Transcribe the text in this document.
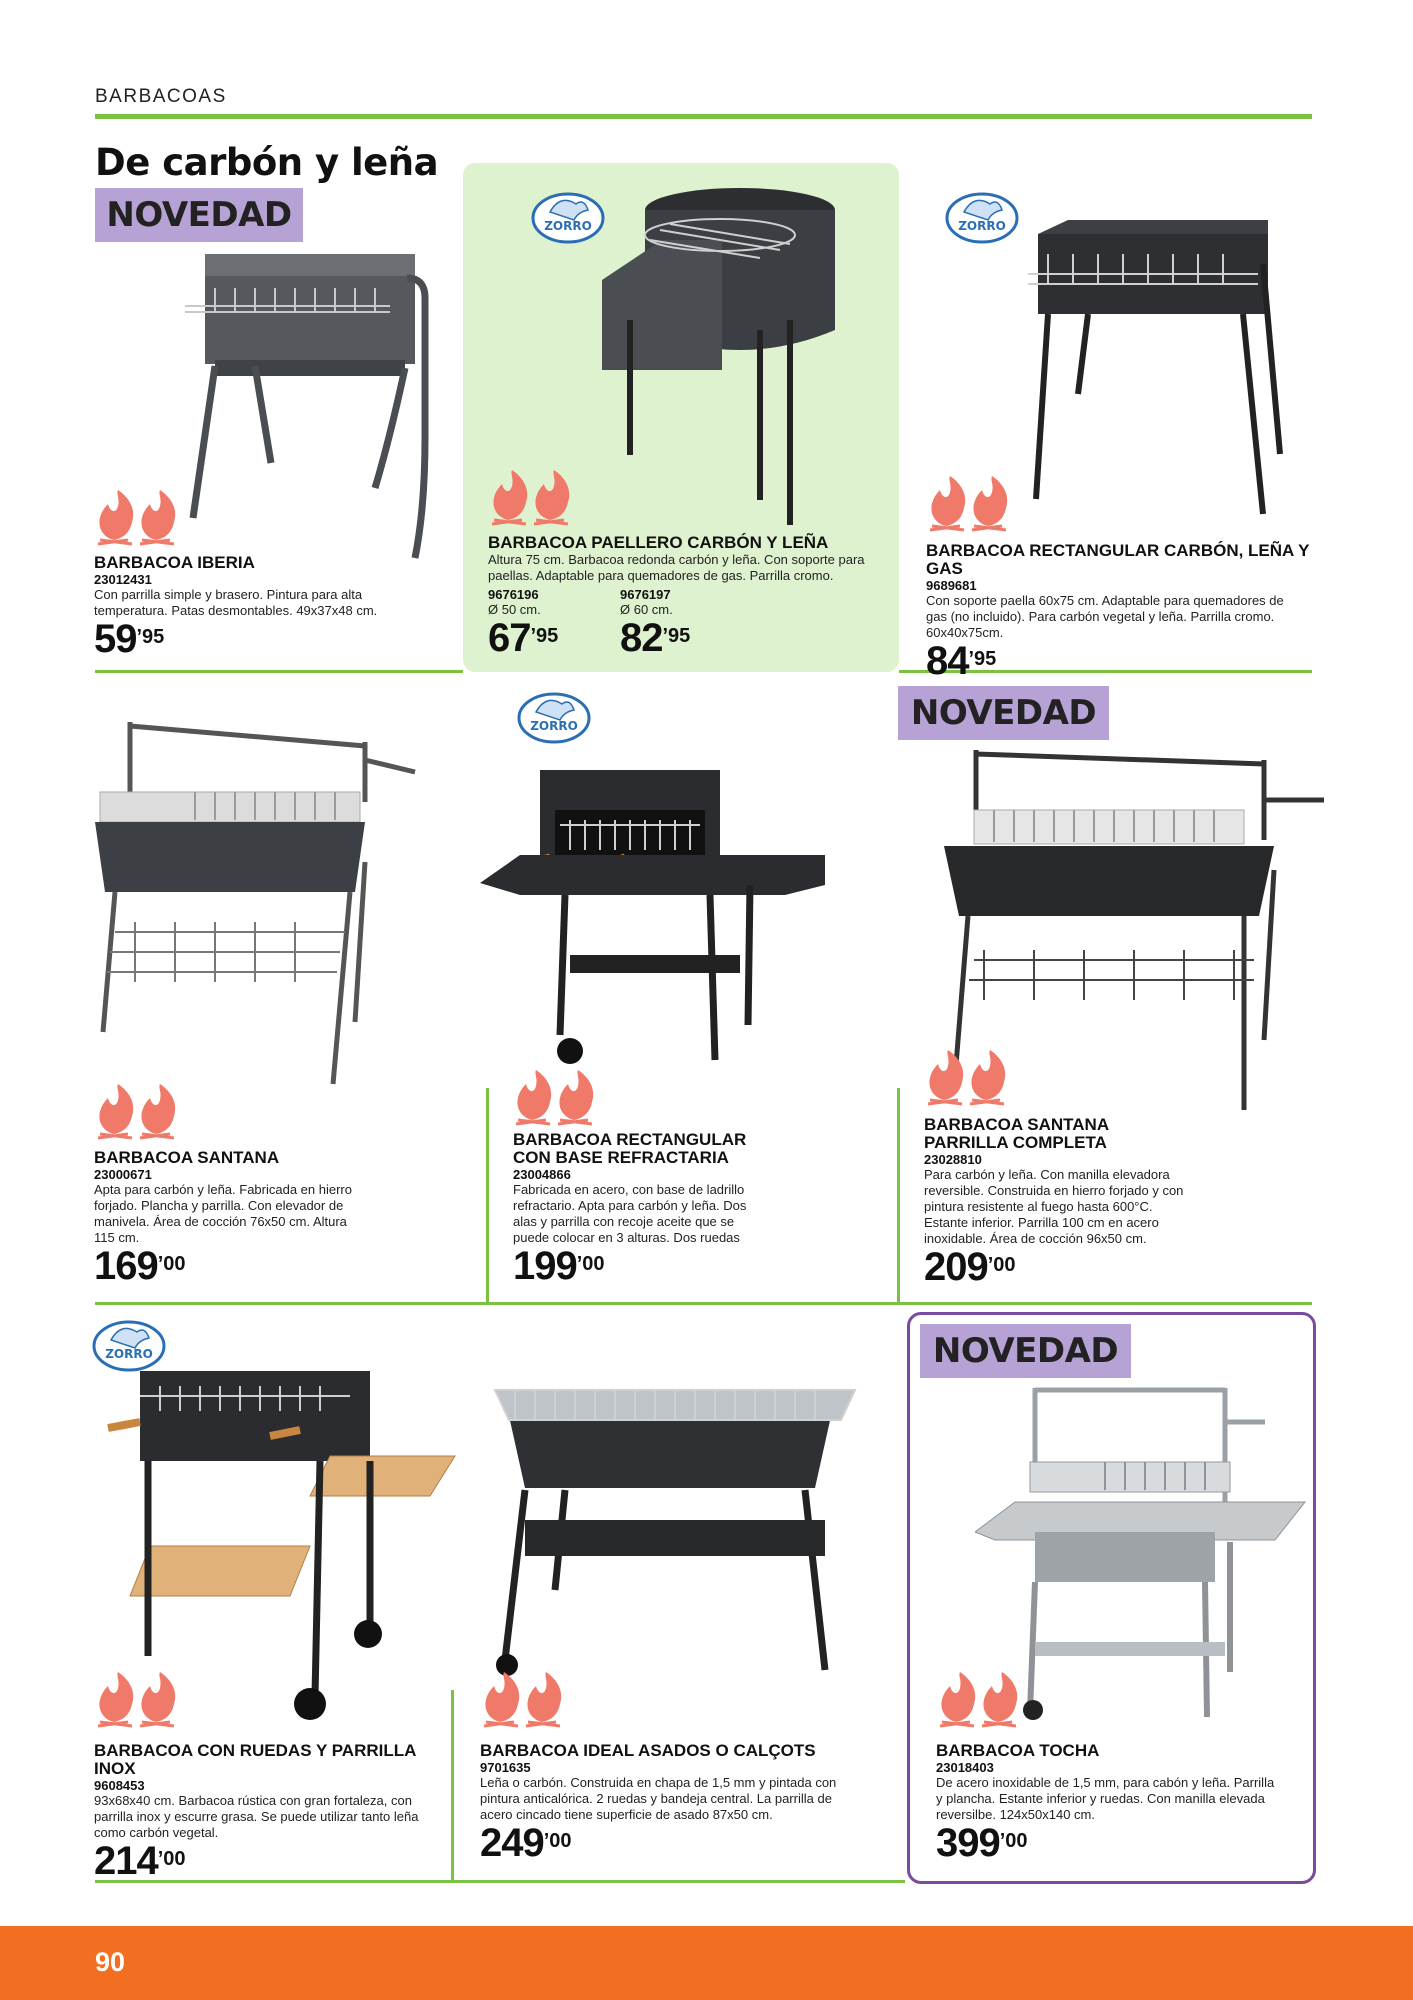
BARBACOAS
De carbón y leña
NOVEDAD
NOVEDAD
NOVEDAD
ZORRO	ZORRO
ZORRO
ZORRO
BARBACOA IBERIA
23012431
Con parrilla simple y brasero. Pintura para alta temperatura. Patas desmontables. 49x37x48 cm.
$59^{’95}$
BARBACOA PAELLERO CARBÓN Y LEÑA
Altura 75 cm. Barbacoa redonda carbón y leña. Con soporte para paellas. Adaptable para quemadores de gas. Parrilla cromo.
9676196
Ø 50 cm.
$67^{’95}$
9676197
Ø 60 cm.
$82^{’95}$
BARBACOA RECTANGULAR CARBÓN, LEÑA Y GAS
9689681
Con soporte paella 60x75 cm. Adaptable para quemadores de gas (no incluido). Para carbón vegetal y leña. Parrilla cromo. 60x40x75cm.
$84^{’95}$
BARBACOA SANTANA
23000671
Apta para carbón y leña. Fabricada en hierro forjado. Plancha y parrilla. Con elevador de manivela. Área de cocción 76x50 cm. Altura 115 cm.
$169^{’00}$
BARBACOA RECTANGULAR CON BASE REFRACTARIA
23004866
Fabricada en acero, con base de ladrillo refractario. Apta para carbón y leña. Dos alas y parrilla con recoje aceite que se puede colocar en 3 alturas. Dos ruedas
$199^{’00}$
BARBACOA SANTANA PARRILLA COMPLETA
23028810
Para carbón y leña. Con manilla elevadora reversible. Construida en hierro forjado y con pintura resistente al fuego hasta 600°C. Estante inferior. Parrilla 100 cm en acero inoxidable. Área de cocción 96x50 cm.
$209^{’00}$
BARBACOA CON RUEDAS Y PARRILLA INOX
9608453
93x68x40 cm. Barbacoa rústica con gran fortaleza, con parrilla inox y escurre grasa. Se puede utilizar tanto leña como carbón vegetal.
$214^{’00}$
BARBACOA IDEAL ASADOS O CALÇOTS
9701635
Leña o carbón. Construida en chapa de 1,5 mm y pintada con pintura anticalórica. 2 ruedas y bandeja central. La parrilla de acero cincado tiene superficie de asado 87x50 cm.
$249^{’00}$
BARBACOA TOCHA
23018403
De acero inoxidable de 1,5 mm, para cabón y leña. Parrilla y plancha. Estante inferior y ruedas. Con manilla elevada reversilbe. 124x50x140 cm.
$399^{’00}$
90
